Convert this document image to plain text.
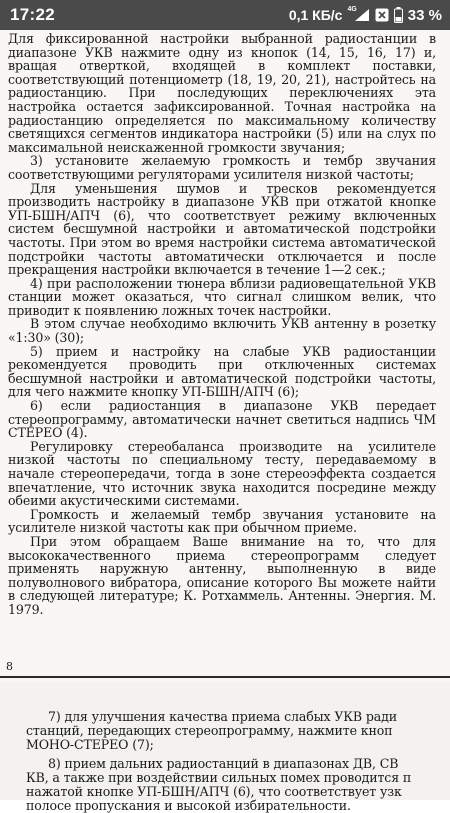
17:22	0,1 КБ/с 4G	33 %

Для фиксированной настройки выбранной радиостанции в диапазоне УКВ нажмите одну из кнопок (14, 15, 16, 17) и, вращая отверткой, входящей в комплект поставки, соответствующий потенциометр (18, 19, 20, 21), настройтесь на радиостанцию. При последующих переключениях эта настройка остается зафиксированной. Точная настройка на радиостанцию определяется по максимальному количеству светящихся сегментов индикатора настройки (5) или на слух по максимальной неискаженной громкости звучания;

3) установите желаемую громкость и тембр звучания соответствующими регуляторами усилителя низкой частоты;

Для уменьшения шумов и тресков рекомендуется производить настройку в диапазоне УКВ при отжатой кнопке УП-БШН/АПЧ (6), что соответствует режиму включенных систем бесшумной настройки и автоматической подстройки частоты. При этом во время настройки система автоматической подстройки частоты автоматически отключается и после прекращения настройки включается в течение 1—2 сек.;

4) при расположении тюнера вблизи радиовещательной УКВ станции может оказаться, что сигнал слишком велик, что приводит к появлению ложных точек настройки.

В этом случае необходимо включить УКВ антенну в розетку «1:30» (30);

5) прием и настройку на слабые УКВ радиостанции рекомендуется проводить при отключенных системах бесшумной настройки и автоматической подстройки частоты, для чего нажмите кнопку УП-БШН/АПЧ (6);

6) если радиостанция в диапазоне УКВ передает стереопрограмму, автоматически начнет светиться надпись ЧМ СТЕРЕО (4).

Регулировку стереобаланса производите на усилителе низкой частоты по специальному тесту, передаваемому в начале стереопередачи, тогда в зоне стереоэффекта создается впечатление, что источник звука находится посредине между обеими акустическими системами.

Громкость и желаемый тембр звучания установите на усилителе низкой частоты как при обычном приеме.

При этом обращаем Ваше внимание на то, что для высококачественного приема стереопрограмм следует применять наружную антенну, выполненную в виде полуволнового вибратора, описание которого Вы можете найти в следующей литературе; К. Ротхаммель. Антенны. Энергия. М. 1979.

8

7) для улучшения качества приема слабых УКВ ради

станций, передающих стереопрограмму, нажмите кноп

МОНО-СТЕРЕО (7);

8) прием дальних радиостанций в диапазонах ДВ, СВ

КВ, а также при воздействии сильных помех проводится п

нажатой кнопке УП-БШН/АПЧ (6), что соответствует узк

полосе пропускания и высокой избирательности.
